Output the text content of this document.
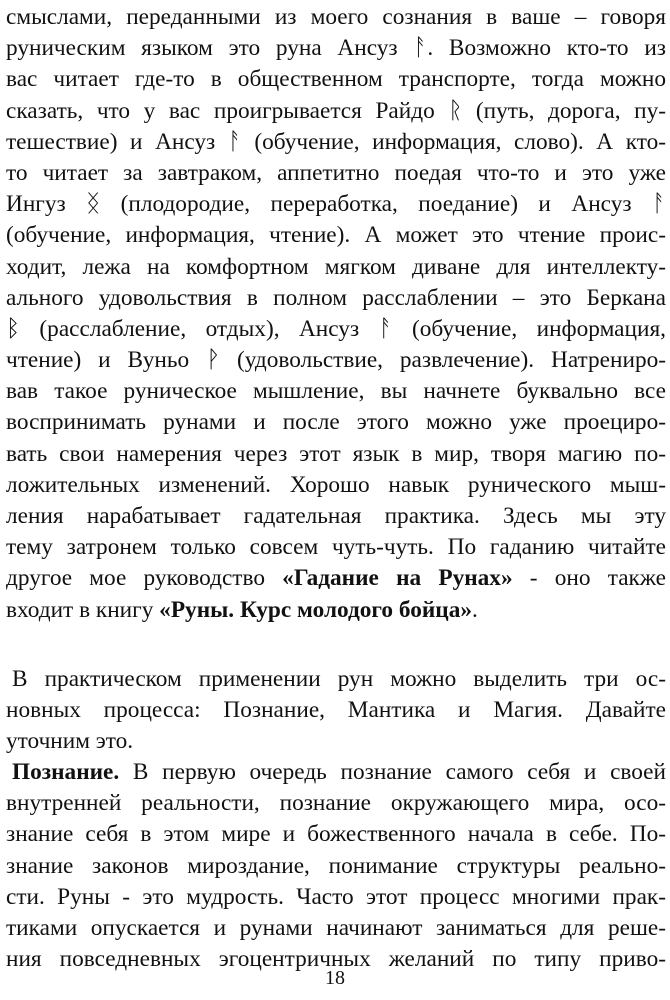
смыслами, переданными из моего сознания в ваше – говоря
руническим языком это руна Ансуз ᚨ. Возможно кто-то из
вас читает где-то в общественном транспорте, тогда можно
сказать, что у вас проигрывается Райдо ᚱ (путь, дорога, пу-
тешествие) и Ансуз ᚨ (обучение, информация, слово). А кто-
то читает за завтраком, аппетитно поедая что-то и это уже
Ингуз ᛝ (плодородие, переработка, поедание) и Ансуз ᚨ
(обучение, информация, чтение). А может это чтение проис-
ходит, лежа на комфортном мягком диване для интеллекту-
ального удовольствия в полном расслаблении – это Беркана
ᛒ (расслабление, отдых), Ансуз ᚨ (обучение, информация,
чтение) и Вуньо ᚹ (удовольствие, развлечение). Натрениро-
вав такое руническое мышление, вы начнете буквально все
воспринимать рунами и после этого можно уже проециро-
вать свои намерения через этот язык в мир, творя магию по-
ложительных изменений. Хорошо навык рунического мыш-
ления нарабатывает гадательная практика. Здесь мы эту
тему затронем только совсем чуть-чуть. По гаданию читайте
другое мое руководство «Гадание на Рунах» - оно также
входит в книгу «Руны. Курс молодого бойца».
В практическом применении рун можно выделить три ос-
новных процесса: Познание, Мантика и Магия. Давайте
уточним это.
Познание. В первую очередь познание самого себя и своей
внутренней реальности, познание окружающего мира, осо-
знание себя в этом мире и божественного начала в себе. По-
знание законов мироздание, понимание структуры реально-
сти. Руны - это мудрость. Часто этот процесс многими прак-
тиками опускается и рунами начинают заниматься для реше-
ния повседневных эгоцентричных желаний по типу приво-
18
